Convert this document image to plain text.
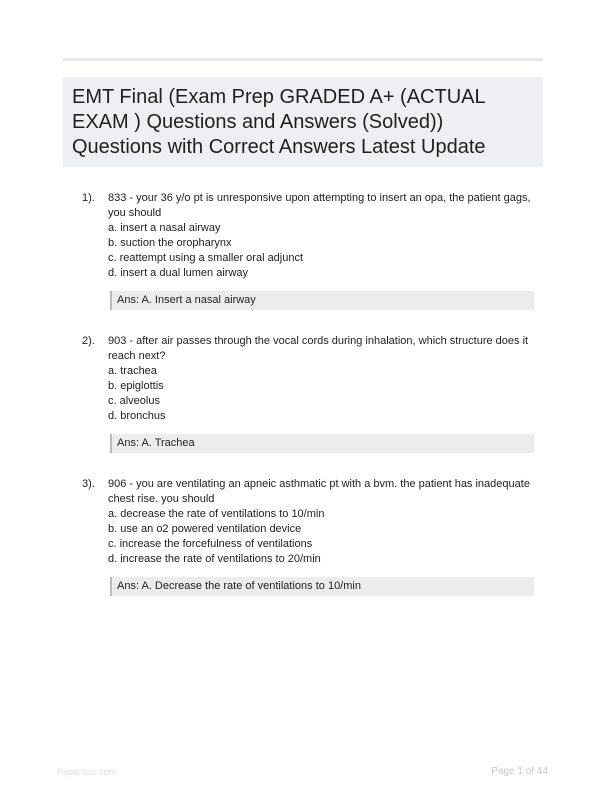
EMT Final (Exam Prep GRADED A+ (ACTUAL EXAM ) Questions and Answers (Solved)) Questions with Correct Answers Latest Update
1). 833 - your 36 y/o pt is unresponsive upon attempting to insert an opa, the patient gags, you should
a. insert a nasal airway
b. suction the oropharynx
c. reattempt using a smaller oral adjunct
d. insert a dual lumen airway
Ans: A. Insert a nasal airway
2). 903 - after air passes through the vocal cords during inhalation, which structure does it reach next?
a. trachea
b. epiglottis
c. alveolus
d. bronchus
Ans: A. Trachea
3). 906 - you are ventilating an apneic asthmatic pt with a bvm. the patient has inadequate chest rise. you should
a. decrease the rate of ventilations to 10/min
b. use an o2 powered ventilation device
c. increase the forcefulness of ventilations
d. increase the rate of ventilations to 20/min
Ans: A. Decrease the rate of ventilations to 10/min
Paperlibic.com	Page 1 of 44
